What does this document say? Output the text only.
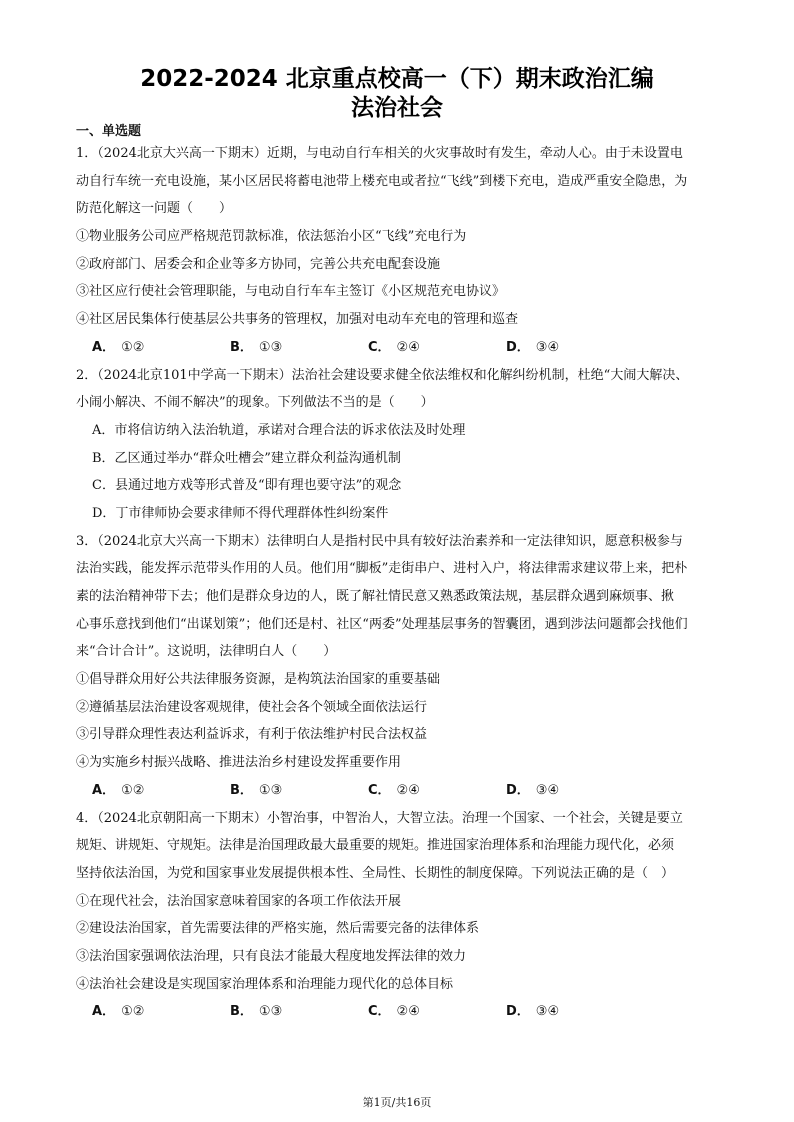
2022-2024 北京重点校高一（下）期末政治汇编
法治社会
一、单选题
1．（2024北京大兴高一下期末）近期，与电动自行车相关的火灾事故时有发生，牵动人心。由于未设置电
动自行车统一充电设施，某小区居民将蓄电池带上楼充电或者拉“飞线”到楼下充电，造成严重安全隐患，为
防范化解这一问题（　　）
①物业服务公司应严格规范罚款标准，依法惩治小区“飞线”充电行为
②政府部门、居委会和企业等多方协同，完善公共充电配套设施
③社区应行使社会管理职能，与电动自行车车主签订《小区规范充电协议》
④社区居民集体行使基层公共事务的管理权，加强对电动车充电的管理和巡查
A． ①②	B． ①③	C． ②④	D． ③④
2．（2024北京101中学高一下期末）法治社会建设要求健全依法维权和化解纠纷机制，杜绝“大闹大解决、
小闹小解决、不闹不解决”的现象。下列做法不当的是（　　）
A．市将信访纳入法治轨道，承诺对合理合法的诉求依法及时处理
B．乙区通过举办“群众吐槽会”建立群众利益沟通机制
C．县通过地方戏等形式普及“即有理也要守法”的观念
D．丁市律师协会要求律师不得代理群体性纠纷案件
3．（2024北京大兴高一下期末）法律明白人是指村民中具有较好法治素养和一定法律知识，愿意积极参与
法治实践，能发挥示范带头作用的人员。他们用“脚板”走街串户、进村入户，将法律需求建议带上来，把朴
素的法治精神带下去；他们是群众身边的人，既了解社情民意又熟悉政策法规，基层群众遇到麻烦事、揪
心事乐意找到他们“出谋划策”；他们还是村、社区“两委”处理基层事务的智囊团，遇到涉法问题都会找他们
来“合计合计”。这说明，法律明白人（　　）
①倡导群众用好公共法律服务资源，是构筑法治国家的重要基础
②遵循基层法治建设客观规律，使社会各个领域全面依法运行
③引导群众理性表达利益诉求，有利于依法维护村民合法权益
④为实施乡村振兴战略、推进法治乡村建设发挥重要作用
A． ①②	B． ①③	C． ②④	D． ③④
4．（2024北京朝阳高一下期末）小智治事，中智治人，大智立法。治理一个国家、一个社会，关键是要立
规矩、讲规矩、守规矩。法律是治国理政最大最重要的规矩。推进国家治理体系和治理能力现代化，必须
坚持依法治国，为党和国家事业发展提供根本性、全局性、长期性的制度保障。下列说法正确的是（　）
①在现代社会，法治国家意味着国家的各项工作依法开展
②建设法治国家，首先需要法律的严格实施，然后需要完备的法律体系
③法治国家强调依法治理，只有良法才能最大程度地发挥法律的效力
④法治社会建设是实现国家治理体系和治理能力现代化的总体目标
A． ①②	B． ①③	C． ②④	D． ③④
第1页/共16页
